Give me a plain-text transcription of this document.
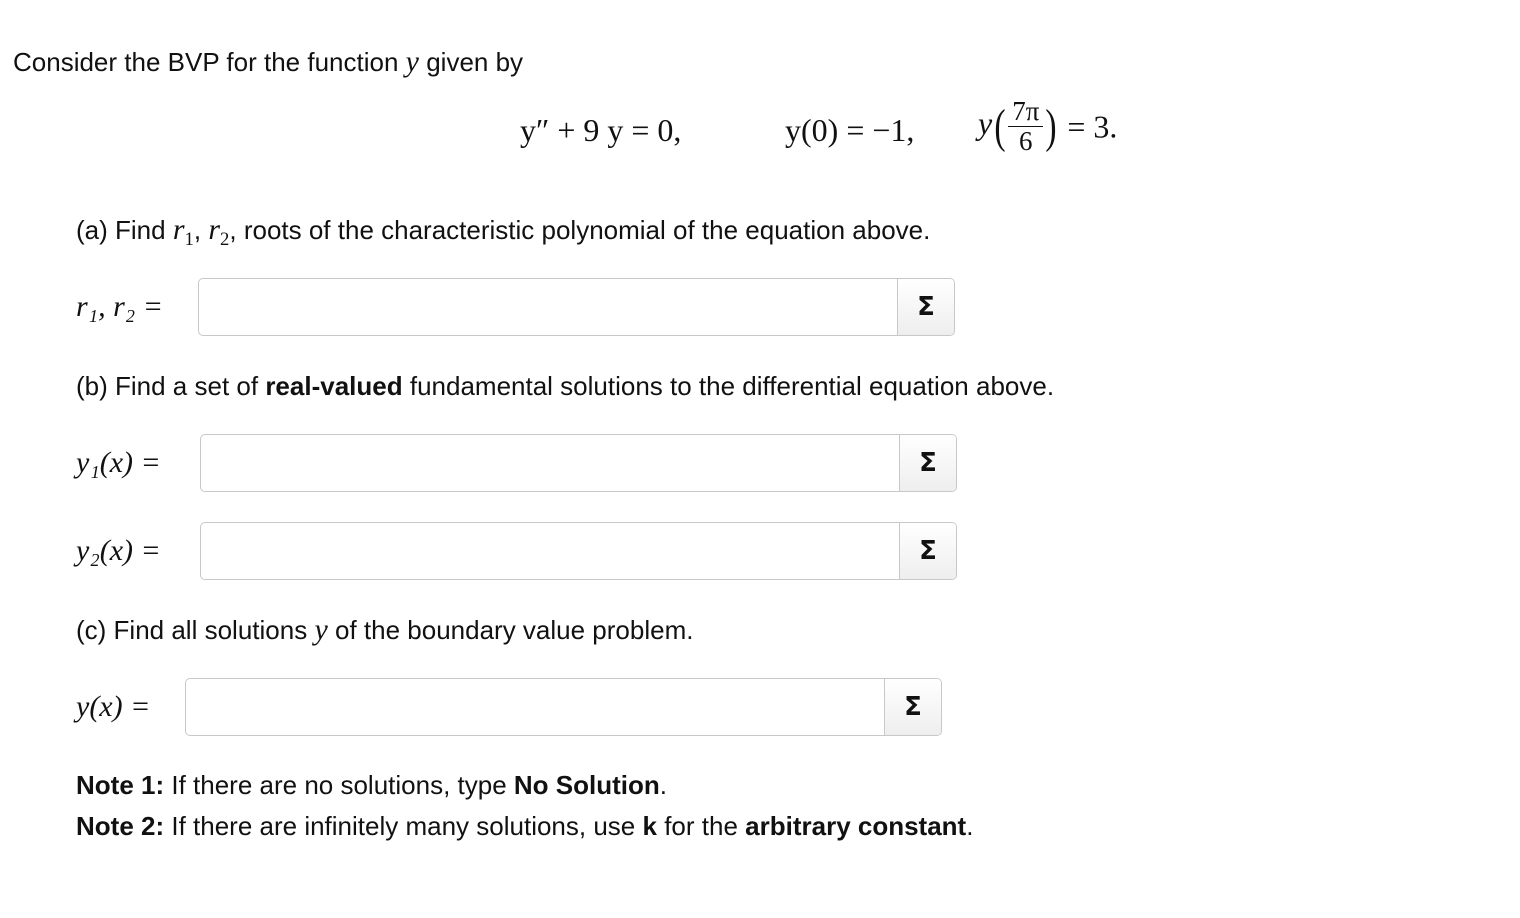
Consider the BVP for the function y given by
y″ + 9 y = 0,	y(0) = −1, $y( \frac{7\pi}{6}$ ) = 3.
(a) Find $r_1$, $r_2$, roots of the characteristic polynomial of the equation above.
r₁, r₂ =	Σ
(b) Find a set of real-valued fundamental solutions to the differential equation above.
y₁(x) =	Σ
y₂(x) =	Σ
(c) Find all solutions y of the boundary value problem.
y(x) =	Σ
Note 1: If there are no solutions, type No Solution.
Note 2: If there are infinitely many solutions, use k for the arbitrary constant.
